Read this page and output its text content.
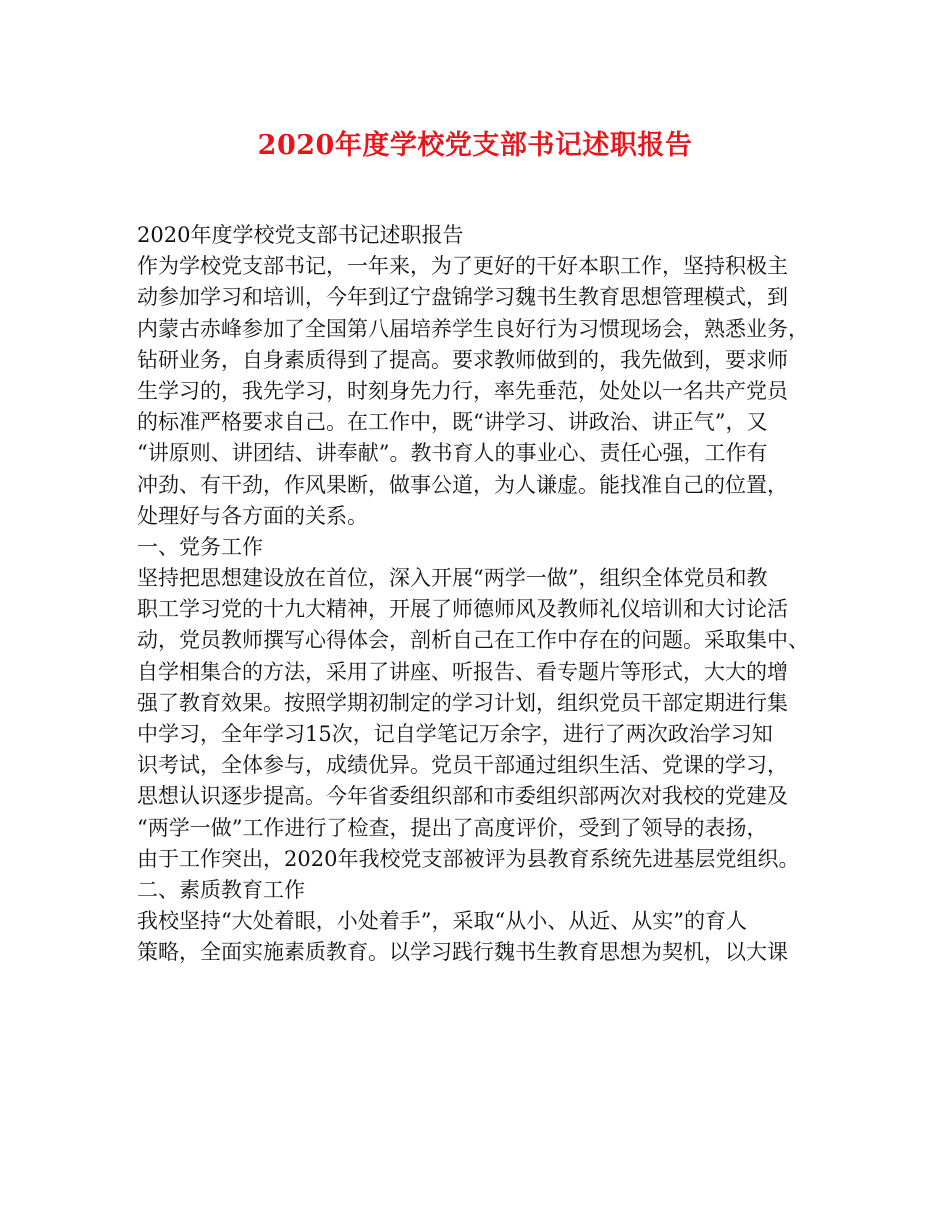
2020年度学校党支部书记述职报告
2020年度学校党支部书记述职报告
作为学校党支部书记，一年来，为了更好的干好本职工作，坚持积极主
动参加学习和培训，今年到辽宁盘锦学习魏书生教育思想管理模式，到
内蒙古赤峰参加了全国第八届培养学生良好行为习惯现场会，熟悉业务，
钻研业务，自身素质得到了提高。要求教师做到的，我先做到，要求师
生学习的，我先学习，时刻身先力行，率先垂范，处处以一名共产党员
的标准严格要求自己。在工作中，既“讲学习、讲政治、讲正气”，又
“讲原则、讲团结、讲奉献”。教书育人的事业心、责任心强，工作有
冲劲、有干劲，作风果断，做事公道，为人谦虚。能找准自己的位置，
处理好与各方面的关系。
一、党务工作
坚持把思想建设放在首位，深入开展“两学一做”，组织全体党员和教
职工学习党的十九大精神，开展了师德师风及教师礼仪培训和大讨论活
动，党员教师撰写心得体会，剖析自己在工作中存在的问题。采取集中、
自学相集合的方法，采用了讲座、听报告、看专题片等形式，大大的增
强了教育效果。按照学期初制定的学习计划，组织党员干部定期进行集
中学习，全年学习15次，记自学笔记万余字，进行了两次政治学习知
识考试，全体参与，成绩优异。党员干部通过组织生活、党课的学习，
思想认识逐步提高。今年省委组织部和市委组织部两次对我校的党建及
“两学一做”工作进行了检查，提出了高度评价，受到了领导的表扬，
由于工作突出，2020年我校党支部被评为县教育系统先进基层党组织。
二、素质教育工作
我校坚持“大处着眼，小处着手”，采取“从小、从近、从实”的育人
策略，全面实施素质教育。以学习践行魏书生教育思想为契机，以大课
